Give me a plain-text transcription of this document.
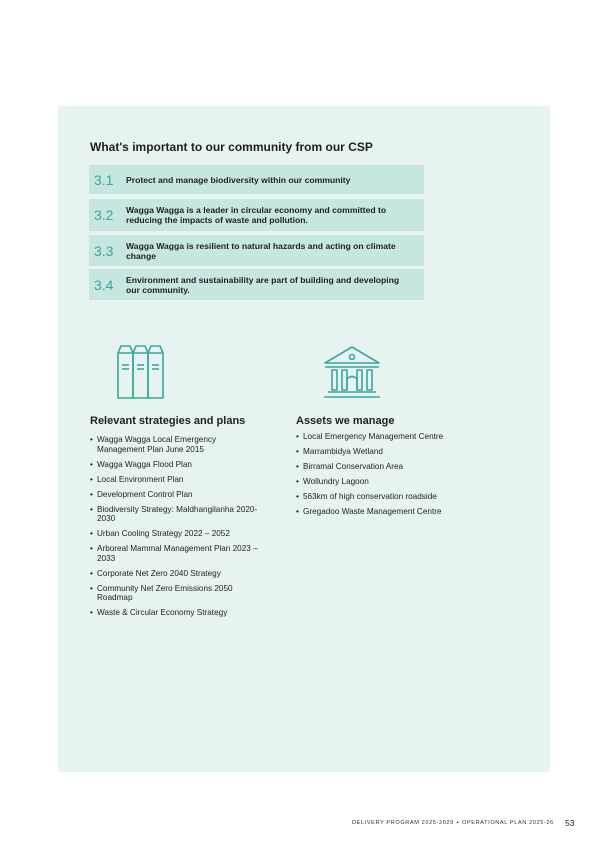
What's important to our community from our CSP
3.1	Protect and manage biodiversity within our community
3.2	Wagga Wagga is a leader in circular economy and committed to reducing the impacts of waste and pollution.
3.3	Wagga Wagga is resilient to natural hazards and acting on climate change
3.4	Environment and sustainability are part of building and developing our community.
Relevant strategies and plans
• Wagga Wagga Local Emergency Management Plan June 2015
• Wagga Wagga Flood Plan
• Local Environment Plan
• Development Control Plan
• Biodiversity Strategy: Maldhangilanha 2020-2030
• Urban Cooling Strategy 2022 – 2052
• Arboreal Mammal Management Plan 2023 – 2033
• Corporate Net Zero 2040 Strategy
• Community Net Zero Emissions 2050 Roadmap
• Waste & Circular Economy Strategy
Assets we manage
• Local Emergency Management Centre
• Marrambidya Wetland
• Birramal Conservation Area
• Wollundry Lagoon
• 563km of high conservation roadside
• Gregadoo Waste Management Centre
DELIVERY PROGRAM 2025-2029 + OPERATIONAL PLAN 2025-26 53
